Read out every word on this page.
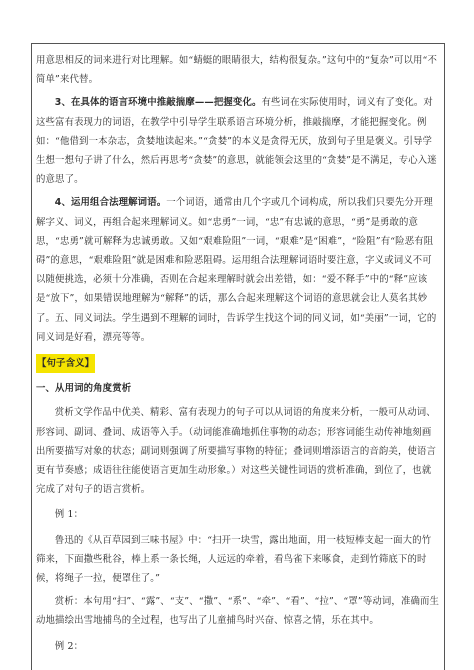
用意思相反的词来进行对比理解。如“蜻蜓的眼睛很大，结构很复杂。”这句中的“复杂”可以用“不简单”来代替。

3、在具体的语言环境中推敲揣摩——把握变化。有些词在实际使用时，词义有了变化。对这些富有表现力的词语，在教学中引导学生联系语言环境分析，推敲揣摩，才能把握变化。例如：“他借到一本杂志，贪婪地读起来。”“贪婪”的本义是贪得无厌，放到句子里是褒义。引导学生想一想句子讲了什么，然后再思考“贪婪”的意思，就能领会这里的“贪婪”是不满足，专心入迷的意思了。

4、运用组合法理解词语。一个词语，通常由几个字或几个词构成，所以我们只要先分开理解字义、词义，再组合起来理解词义。如“忠勇”一词，“忠”有忠诚的意思，“勇”是勇敢的意思，“忠勇”就可解释为忠诚勇敢。又如“艰难险阻”一词，“艰难”是“困难”，“险阻”有“险恶有阻碍”的意思，“艰难险阻”就是困难和险恶阻碍。运用组合法理解词语时要注意，字义或词义不可以随便挑选，必须十分准确，否则在合起来理解时就会出差错，如：“爱不释手”中的“释”应该是“放下”，如果错误地理解为“解释”的话，那么合起来理解这个词语的意思就会让人莫名其妙了。五、同义词法。学生遇到不理解的词时，告诉学生找这个词的同义词，如“美丽”一词，它的同义词是好看，漂亮等等。

【句子含义】

一、从用词的角度赏析

赏析文学作品中优美、精彩、富有表现力的句子可以从词语的角度来分析，一般可从动词、形容词、副词、叠词、成语等入手。（动词能准确地抓住事物的动态；形容词能生动传神地刻画出所要描写对象的状态；副词则强调了所要描写事物的特征；叠词则增添语言的音韵美，使语言更有节奏感；成语往往能使语言更加生动形象。）对这些关键性词语的赏析准确，到位了，也就完成了对句子的语言赏析。

例 1：

鲁迅的《从百草园到三味书屋》中：“扫开一块雪，露出地面，用一枝短棒支起一面大的竹筛来，下面撒些秕谷，棒上系一条长绳，人远远的牵着，看鸟雀下来啄食，走到竹筛底下的时候，将绳子一拉，便罩住了。”

赏析：本句用“扫”、“露”、“支”、“撒”、“系”、“牵”、“看”、“拉”、“罩”等动词，准确而生动地描绘出雪地捕鸟的全过程，也写出了儿童捕鸟时兴奋、惊喜之情，乐在其中。

例 2：
